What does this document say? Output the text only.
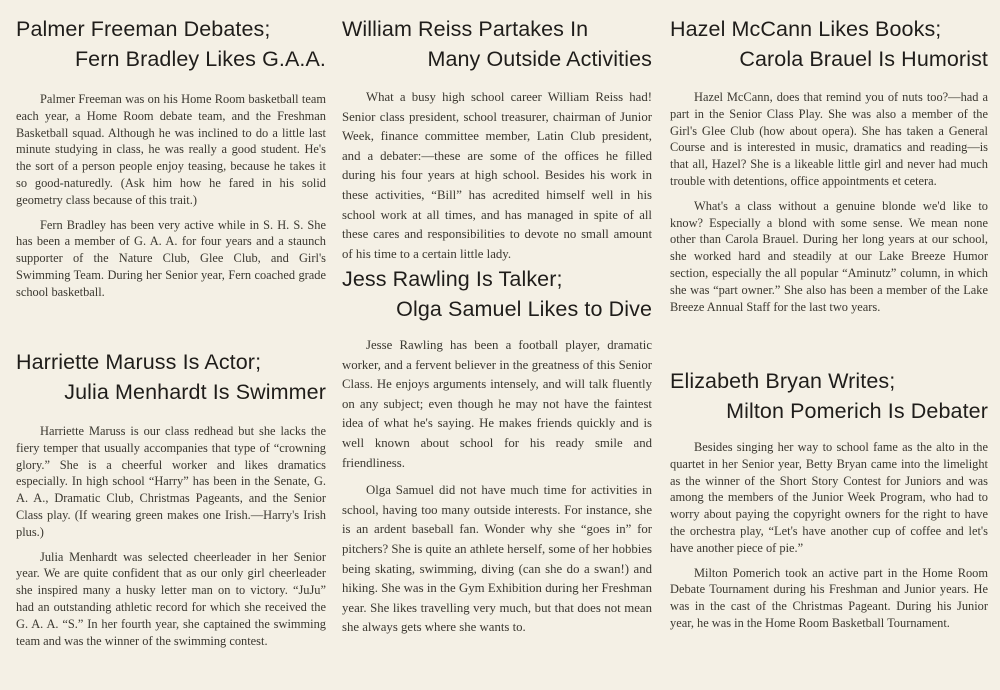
Palmer Freeman Debates;
Fern Bradley Likes G.A.A.

Palmer Freeman was on his Home Room basketball team each year, a Home Room debate team, and the Freshman Basketball squad. Although he was inclined to do a little last minute studying in class, he was really a good student. He's the sort of a person people enjoy teasing, because he takes it so good-naturedly. (Ask him how he fared in his solid geometry class because of this trait.)

Fern Bradley has been very active while in S. H. S. She has been a member of G. A. A. for four years and a staunch supporter of the Nature Club, Glee Club, and Girl's Swimming Team. During her Senior year, Fern coached grade school basketball.

Harriette Maruss Is Actor;
Julia Menhardt Is Swimmer

Harriette Maruss is our class redhead but she lacks the fiery temper that usually accompanies that type of “crowning glory.” She is a cheerful worker and likes dramatics especially. In high school “Harry” has been in the Senate, G. A. A., Dramatic Club, Christmas Pageants, and the Senior Class play. (If wearing green makes one Irish.—Harry's Irish plus.)

Julia Menhardt was selected cheerleader in her Senior year. We are quite confident that as our only girl cheerleader she inspired many a husky letter man on to victory. “JuJu” had an outstanding athletic record for which she received the G. A. A. “S.” In her fourth year, she captained the swimming team and was the winner of the swimming contest.

William Reiss Partakes In
Many Outside Activities

What a busy high school career William Reiss had! Senior class president, school treasurer, chairman of Junior Week, finance committee member, Latin Club president, and a debater:—these are some of the offices he filled during his four years at high school. Besides his work in these activities, “Bill” has acredited himself well in his school work at all times, and has managed in spite of all these cares and responsibilities to devote no small amount of his time to a certain little lady.

Jess Rawling Is Talker;
Olga Samuel Likes to Dive

Jesse Rawling has been a football player, dramatic worker, and a fervent believer in the greatness of this Senior Class. He enjoys arguments intensely, and will talk fluently on any subject; even though he may not have the faintest idea of what he's saying. He makes friends quickly and is well known about school for his ready smile and friendliness.

Olga Samuel did not have much time for activities in school, having too many outside interests. For instance, she is an ardent baseball fan. Wonder why she “goes in” for pitchers? She is quite an athlete herself, some of her hobbies being skating, swimming, diving (can she do a swan!) and hiking. She was in the Gym Exhibition during her Freshman year. She likes travelling very much, but that does not mean she always gets where she wants to.

Hazel McCann Likes Books;
Carola Brauel Is Humorist

Hazel McCann, does that remind you of nuts too?—had a part in the Senior Class Play. She was also a member of the Girl's Glee Club (how about opera). She has taken a General Course and is interested in music, dramatics and reading—is that all, Hazel? She is a likeable little girl and never had much trouble with detentions, office appointments et cetera.

What's a class without a genuine blonde we'd like to know? Especially a blond with some sense. We mean none other than Carola Brauel. During her long years at our school, she worked hard and steadily at our Lake Breeze Humor section, especially the all popular “Aminutz” column, in which she was “part owner.” She also has been a member of the Lake Breeze Annual Staff for the last two years.

Elizabeth Bryan Writes;
Milton Pomerich Is Debater

Besides singing her way to school fame as the alto in the quartet in her Senior year, Betty Bryan came into the limelight as the winner of the Short Story Contest for Juniors and was among the members of the Junior Week Program, who had to worry about paying the copyright owners for the right to have the orchestra play, “Let's have another cup of coffee and let's have another piece of pie.”

Milton Pomerich took an active part in the Home Room Debate Tournament during his Freshman and Junior years. He was in the cast of the Christmas Pageant. During his Junior year, he was in the Home Room Basketball Tournament.
